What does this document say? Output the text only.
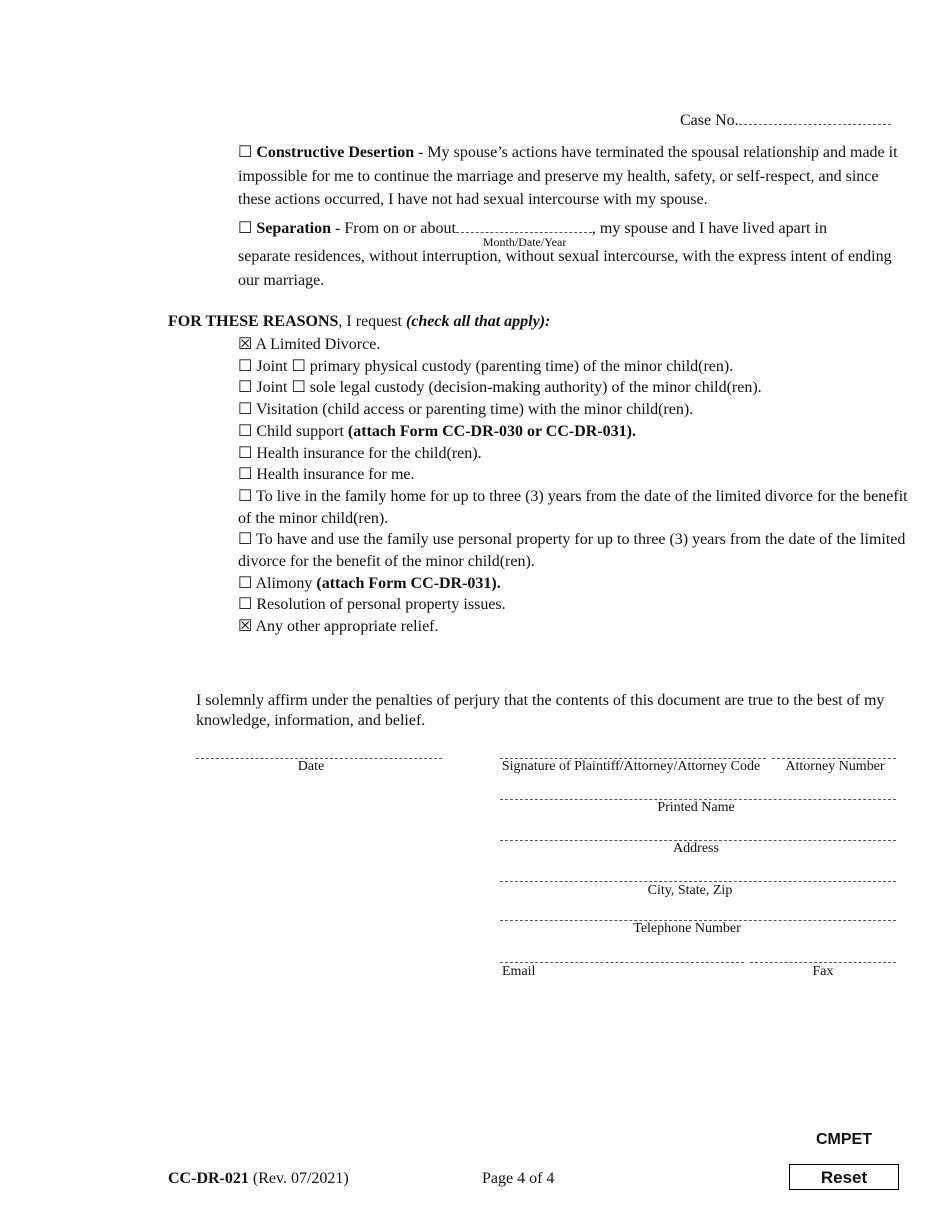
Case No.
☐ Constructive Desertion - My spouse’s actions have terminated the spousal relationship and made it impossible for me to continue the marriage and preserve my health, safety, or self-respect, and since these actions occurred, I have not had sexual intercourse with my spouse.
☐ Separation - From on or about
Month/Date/Year
, my spouse and I have lived apart in
separate residences, without interruption, without sexual intercourse, with the express intent of ending our marriage.
FOR THESE REASONS, I request (check all that apply):
☒ A Limited Divorce.
☐ Joint ☐ primary physical custody (parenting time) of the minor child(ren).
☐ Joint ☐ sole legal custody (decision-making authority) of the minor child(ren).
☐ Visitation (child access or parenting time) with the minor child(ren).
☐ Child support (attach Form CC-DR-030 or CC-DR-031).
☐ Health insurance for the child(ren).
☐ Health insurance for me.
☐ To live in the family home for up to three (3) years from the date of the limited divorce for the benefit of the minor child(ren).
☐ To have and use the family use personal property for up to three (3) years from the date of the limited divorce for the benefit of the minor child(ren).
☐ Alimony (attach Form CC-DR-031).
☐ Resolution of personal property issues.
☒ Any other appropriate relief.
I solemnly affirm under the penalties of perjury that the contents of this document are true to the best of my knowledge, information, and belief.
Date	Signature of Plaintiff/Attorney/Attorney Code	Attorney Number
Printed Name
Address
City, State, Zip
Telephone Number
Email	Fax
CC-DR-021 (Rev. 07/2021)	Page 4 of 4
CMPET
Reset
